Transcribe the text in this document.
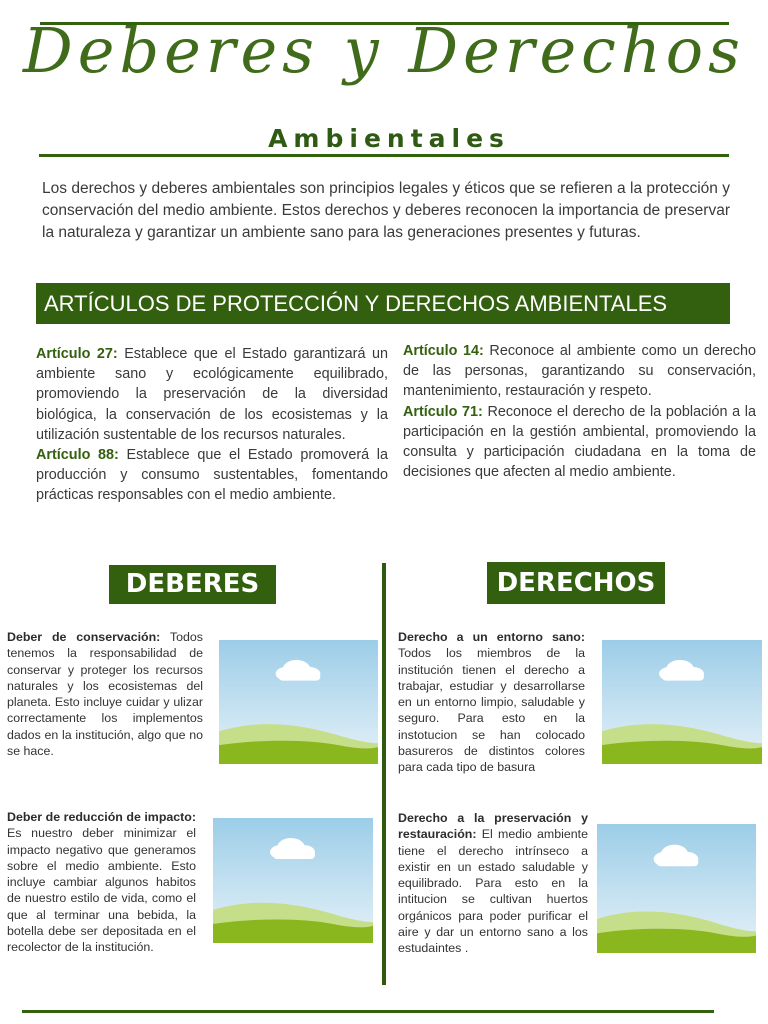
Deberes y Derechos
Ambientales
Los derechos y deberes ambientales son principios legales y éticos que se refieren a la protección y conservación del medio ambiente. Estos derechos y deberes reconocen la importancia de preservar la naturaleza y garantizar un ambiente sano para las generaciones presentes y futuras.
ARTÍCULOS DE PROTECCIÓN Y DERECHOS AMBIENTALES
Artículo 27: Establece que el Estado garantizará un ambiente sano y ecológicamente equilibrado, promoviendo la preservación de la diversidad biológica, la conservación de los ecosistemas y la utilización sustentable de los recursos naturales.
Artículo 88: Establece que el Estado promoverá la producción y consumo sustentables, fomentando prácticas responsables con el medio ambiente.
Artículo 14: Reconoce al ambiente como un derecho de las personas, garantizando su conservación, mantenimiento, restauración y respeto.
Artículo 71: Reconoce el derecho de la población a la participación en la gestión ambiental, promoviendo la consulta y participación ciudadana en la toma de decisiones que afecten al medio ambiente.
DEBERES	DERECHOS
Deber de conservación: Todos tenemos la responsabilidad de conservar y proteger los recursos naturales y los ecosistemas del planeta. Esto incluye cuidar y ulizar correctamente los implementos dados en la institución, algo que no se hace.
Deber de reducción de impacto: Es nuestro deber minimizar el impacto negativo que generamos sobre el medio ambiente. Esto incluye cambiar algunos habitos de nuestro estilo de vida, como el que al terminar una bebida, la botella debe ser depositada en el recolector de la institución.
Derecho a un entorno sano: Todos los miembros de la institución tienen el derecho a trabajar, estudiar y desarrollarse en un entorno limpio, saludable y seguro. Para esto en la instotucion se han colocado basureros de distintos colores para cada tipo de basura
Derecho a la preservación y restauración: El medio ambiente tiene el derecho intrínseco a existir en un estado saludable y equilibrado. Para esto en la intitucion se cultivan huertos orgánicos para poder purificar el aire y dar un entorno sano a los estudaintes .
